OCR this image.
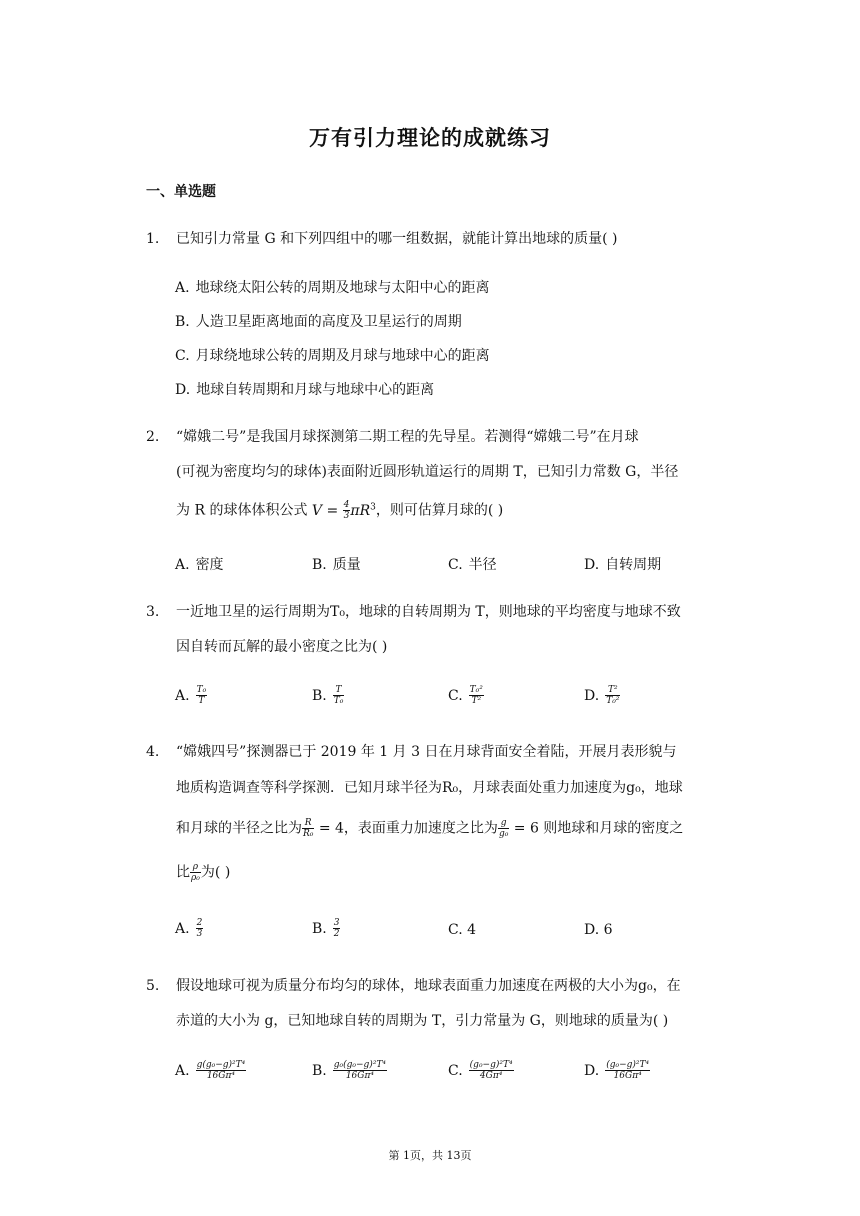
万有引力理论的成就练习
一、单选题
1.	已知引力常量 G 和下列四组中的哪一组数据，就能计算出地球的质量( )
A. 地球绕太阳公转的周期及地球与太阳中心的距离
B. 人造卫星距离地面的高度及卫星运行的周期
C. 月球绕地球公转的周期及月球与地球中心的距离
D. 地球自转周期和月球与地球中心的距离
2.	“嫦娥二号”是我国月球探测第二期工程的先导星。若测得“嫦娥二号”在月球
(可视为密度均匀的球体)表面附近圆形轨道运行的周期 T，已知引力常数 G，半径
为 R 的球体体积公式 $V = \frac{4}{3} \pi R^3$，则可估算月球的( )
A. 密度	B. 质量	C. 半径	D. 自转周期
3.	一近地卫星的运行周期为T₀，地球的自转周期为 T，则地球的平均密度与地球不致
因自转而瓦解的最小密度之比为( )
A. $\frac{\text{T₀}}{T}$	B. $\frac{T}{\text{T₀}}$	C. $\frac{\text{T₀²}}{\text{T²}}$	D. $\frac{\text{T²}}{\text{T₀²}}$
4.	“嫦娥四号”探测器已于 2019 年 1 月 3 日在月球背面安全着陆，开展月表形貌与
地质构造调查等科学探测．已知月球半径为R₀，月球表面处重力加速度为g₀，地球
和月球的半径之比为 $\frac{R}{\text{R₀}} = 4$，表面重力加速度之比为 $\frac{g}{\text{g₀}} = 6$ 则地球和月球的密度之
比 $\frac{\rho}{\text{ρ₀}}$ 为( )
A. $\frac{2}{3}$	B. $\frac{3}{2}$	C. 4	D. 6
5.	假设地球可视为质量分布均匀的球体，地球表面重力加速度在两极的大小为g₀，在
赤道的大小为 g，已知地球自转的周期为 T，引力常量为 G，则地球的质量为( )
A. $\frac{\text{g(g₀−g)²T⁴}}{\text{16Gπ⁴}}$	B. $\frac{\text{g₀(g₀−g)²T⁴}}{\text{16Gπ⁴}}$	C. $\frac{\text{(g₀−g)²T⁴}}{\text{4Gπ⁴}}$	D. $\frac{\text{(g₀−g)²T⁴}}{\text{16Gπ⁴}}$
第 1页，共 13页
